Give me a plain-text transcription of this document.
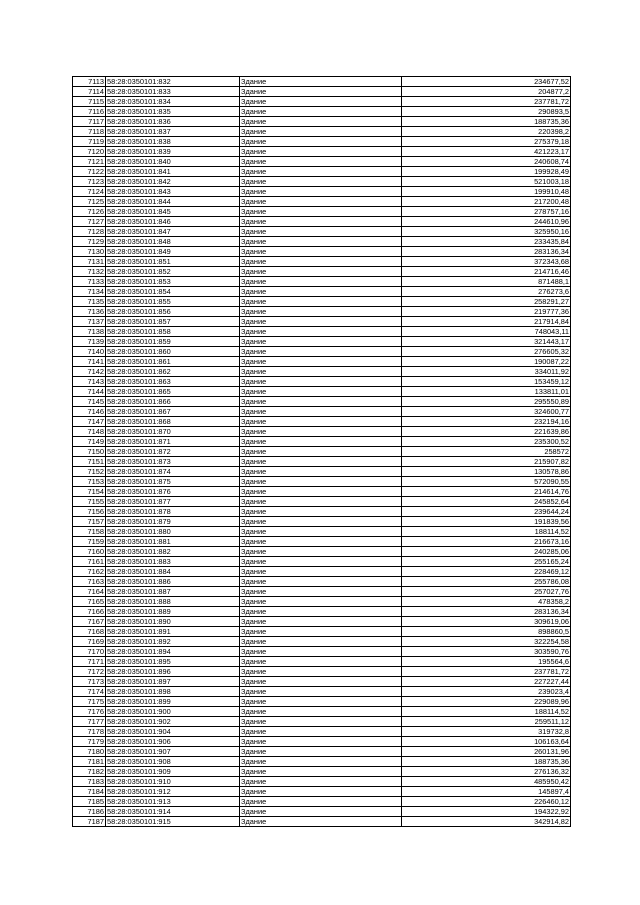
7113	58:28:0350101:832	Здание	234677,52
7114	58:28:0350101:833	Здание	204877,2
7115	58:28:0350101:834	Здание	237781,72
7116	58:28:0350101:835	Здание	290893,5
7117	58:28:0350101:836	Здание	188735,36
7118	58:28:0350101:837	Здание	220398,2
7119	58:28:0350101:838	Здание	275379,18
7120	58:28:0350101:839	Здание	421223,17
7121	58:28:0350101:840	Здание	240608,74
7122	58:28:0350101:841	Здание	199928,49
7123	58:28:0350101:842	Здание	521003,18
7124	58:28:0350101:843	Здание	199910,48
7125	58:28:0350101:844	Здание	217200,48
7126	58:28:0350101:845	Здание	278757,16
7127	58:28:0350101:846	Здание	244610,96
7128	58:28:0350101:847	Здание	325950,16
7129	58:28:0350101:848	Здание	233435,84
7130	58:28:0350101:849	Здание	283136,34
7131	58:28:0350101:851	Здание	372343,68
7132	58:28:0350101:852	Здание	214716,46
7133	58:28:0350101:853	Здание	871488,1
7134	58:28:0350101:854	Здание	276273,6
7135	58:28:0350101:855	Здание	258291,27
7136	58:28:0350101:856	Здание	219777,36
7137	58:28:0350101:857	Здание	217914,84
7138	58:28:0350101:858	Здание	748043,11
7139	58:28:0350101:859	Здание	321443,17
7140	58:28:0350101:860	Здание	276605,32
7141	58:28:0350101:861	Здание	190087,22
7142	58:28:0350101:862	Здание	334011,92
7143	58:28:0350101:863	Здание	153459,12
7144	58:28:0350101:865	Здание	133811,01
7145	58:28:0350101:866	Здание	295550,89
7146	58:28:0350101:867	Здание	324600,77
7147	58:28:0350101:868	Здание	232194,16
7148	58:28:0350101:870	Здание	221639,86
7149	58:28:0350101:871	Здание	235300,52
7150	58:28:0350101:872	Здание	258572
7151	58:28:0350101:873	Здание	215907,82
7152	58:28:0350101:874	Здание	130578,86
7153	58:28:0350101:875	Здание	572090,55
7154	58:28:0350101:876	Здание	214614,76
7155	58:28:0350101:877	Здание	245852,64
7156	58:28:0350101:878	Здание	239644,24
7157	58:28:0350101:879	Здание	191839,56
7158	58:28:0350101:880	Здание	188114,52
7159	58:28:0350101:881	Здание	216673,16
7160	58:28:0350101:882	Здание	240285,06
7161	58:28:0350101:883	Здание	255165,24
7162	58:28:0350101:884	Здание	228469,12
7163	58:28:0350101:886	Здание	255786,08
7164	58:28:0350101:887	Здание	257027,76
7165	58:28:0350101:888	Здание	478358,2
7166	58:28:0350101:889	Здание	283136,34
7167	58:28:0350101:890	Здание	309619,06
7168	58:28:0350101:891	Здание	898860,5
7169	58:28:0350101:892	Здание	322254,58
7170	58:28:0350101:894	Здание	303590,76
7171	58:28:0350101:895	Здание	195564,6
7172	58:28:0350101:896	Здание	237781,72
7173	58:28:0350101:897	Здание	227227,44
7174	58:28:0350101:898	Здание	239023,4
7175	58:28:0350101:899	Здание	229089,96
7176	58:28:0350101:900	Здание	188114,52
7177	58:28:0350101:902	Здание	259511,12
7178	58:28:0350101:904	Здание	319732,8
7179	58:28:0350101:906	Здание	106163,64
7180	58:28:0350101:907	Здание	260131,96
7181	58:28:0350101:908	Здание	188735,36
7182	58:28:0350101:909	Здание	276136,32
7183	58:28:0350101:910	Здание	485950,42
7184	58:28:0350101:912	Здание	145897,4
7185	58:28:0350101:913	Здание	226460,12
7186	58:28:0350101:914	Здание	194322,92
7187	58:28:0350101:915	Здание	342914,82
